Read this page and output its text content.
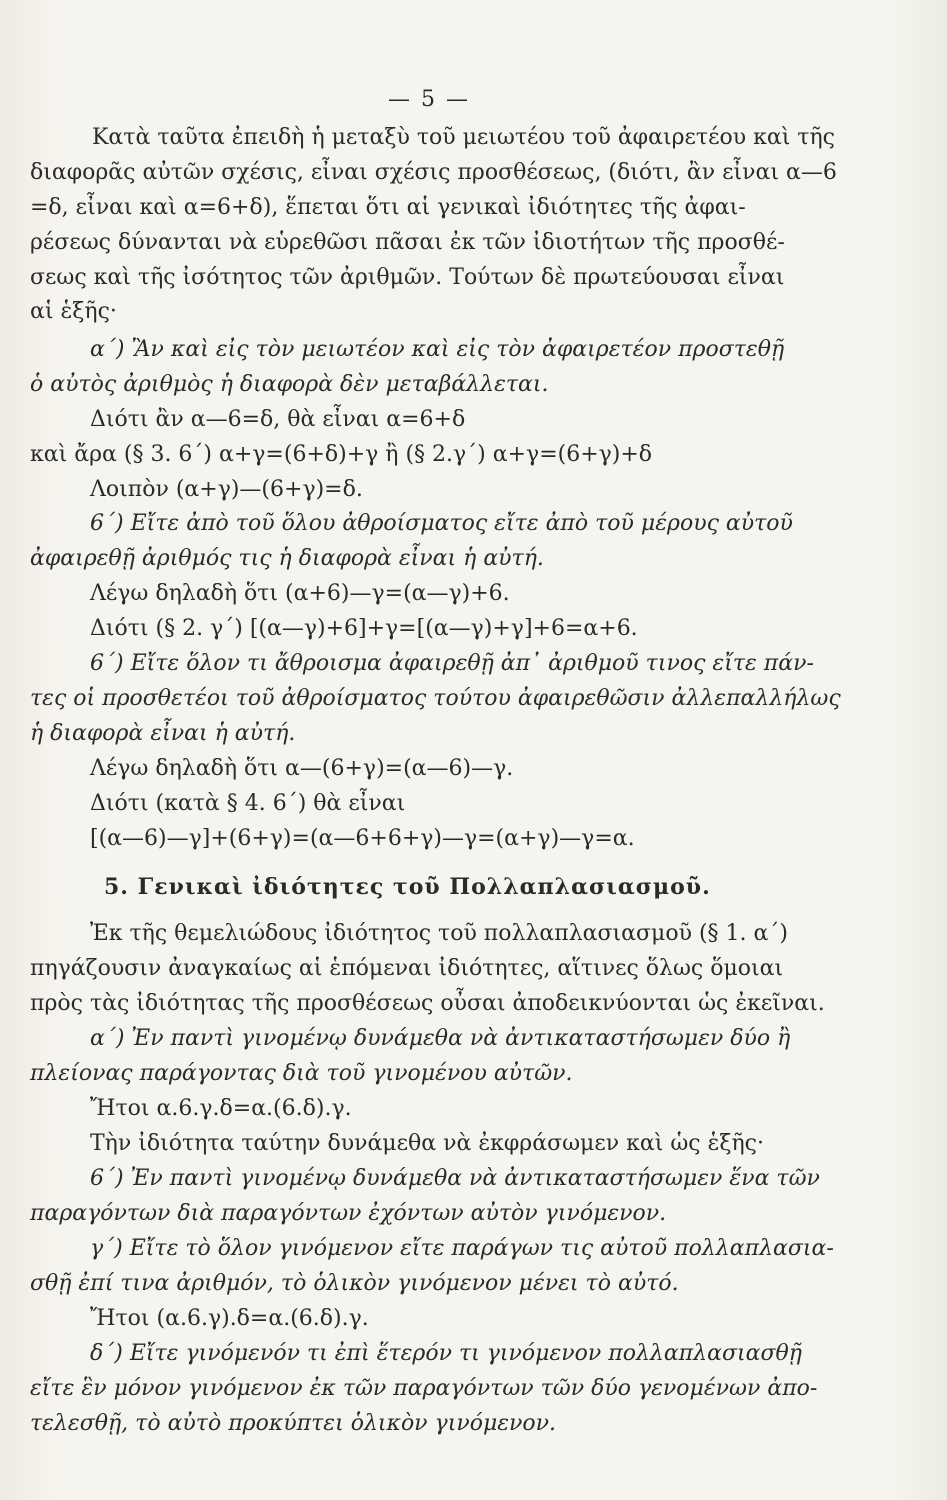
— 5 —
Κατὰ ταῦτα ἐπειδὴ ἡ μεταξὺ τοῦ μειωτέου τοῦ ἀφαιρετέου καὶ τῆς
διαφορᾶς αὐτῶν σχέσις, εἶναι σχέσις προσθέσεως, (διότι, ἂν εἶναι α—6
=δ, εἶναι καὶ α=6+δ), ἕπεται ὅτι αἱ γενικαὶ ἰδιότητες τῆς ἀφαι-
ρέσεως δύνανται νὰ εὑρεθῶσι πᾶσαι ἐκ τῶν ἰδιοτήτων τῆς προσθέ-
σεως καὶ τῆς ἰσότητος τῶν ἀριθμῶν. Τούτων δὲ πρωτεύουσαι εἶναι
αἱ ἑξῆς·
α΄) Ἂν καὶ εἰς τὸν μειωτέον καὶ εἰς τὸν ἀφαιρετέον προστεθῇ
ὁ αὐτὸς ἀριθμὸς ἡ διαφορὰ δὲν μεταβάλλεται.
Διότι ἂν α—6=δ, θὰ εἶναι α=6+δ
καὶ ἄρα (§ 3. 6΄) α+γ=(6+δ)+γ ἢ (§ 2.γ΄) α+γ=(6+γ)+δ
Λοιπὸν (α+γ)—(6+γ)=δ.
6΄) Εἴτε ἀπὸ τοῦ ὅλου ἀθροίσματος εἴτε ἀπὸ τοῦ μέρους αὐτοῦ
ἀφαιρεθῇ ἀριθμός τις ἡ διαφορὰ εἶναι ἡ αὐτή.
Λέγω δηλαδὴ ὅτι (α+6)—γ=(α—γ)+6.
Διότι (§ 2. γ΄) [(α—γ)+6]+γ=[(α—γ)+γ]+6=α+6.
6΄) Εἴτε ὅλον τι ἄθροισμα ἀφαιρεθῇ ἀπ᾽ ἀριθμοῦ τινος εἴτε πάν-
τες οἱ προσθετέοι τοῦ ἀθροίσματος τούτου ἀφαιρεθῶσιν ἀλλεπαλλήλως
ἡ διαφορὰ εἶναι ἡ αὐτή.
Λέγω δηλαδὴ ὅτι α—(6+γ)=(α—6)—γ.
Διότι (κατὰ § 4. 6΄) θὰ εἶναι
[(α—6)—γ]+(6+γ)=(α—6+6+γ)—γ=(α+γ)—γ=α.
5. Γενικαὶ ἰδιότητες τοῦ Πολλαπλασιασμοῦ.
Ἐκ τῆς θεμελιώδους ἰδιότητος τοῦ πολλαπλασιασμοῦ (§ 1. α΄)
πηγάζουσιν ἀναγκαίως αἱ ἑπόμεναι ἰδιότητες, αἵτινες ὅλως ὅμοιαι
πρὸς τὰς ἰδιότητας τῆς προσθέσεως οὖσαι ἀποδεικνύονται ὡς ἐκεῖναι.
α΄) Ἐν παντὶ γινομένῳ δυνάμεθα νὰ ἀντικαταστήσωμεν δύο ἢ
πλείονας παράγοντας διὰ τοῦ γινομένου αὐτῶν.
Ἤτοι α.6.γ.δ=α.(6.δ).γ.
Τὴν ἰδιότητα ταύτην δυνάμεθα νὰ ἐκφράσωμεν καὶ ὡς ἑξῆς·
6΄) Ἐν παντὶ γινομένῳ δυνάμεθα νὰ ἀντικαταστήσωμεν ἕνα τῶν
παραγόντων διὰ παραγόντων ἐχόντων αὐτὸν γινόμενον.
γ΄) Εἴτε τὸ ὅλον γινόμενον εἴτε παράγων τις αὐτοῦ πολλαπλασια-
σθῇ ἐπί τινα ἀριθμόν, τὸ ὁλικὸν γινόμενον μένει τὸ αὐτό.
Ἤτοι (α.6.γ).δ=α.(6.δ).γ.
δ΄) Εἴτε γινόμενόν τι ἐπὶ ἕτερόν τι γινόμενον πολλαπλασιασθῇ
εἴτε ἓν μόνον γινόμενον ἐκ τῶν παραγόντων τῶν δύο γενομένων ἀπο-
τελεσθῇ, τὸ αὐτὸ προκύπτει ὁλικὸν γινόμενον.
